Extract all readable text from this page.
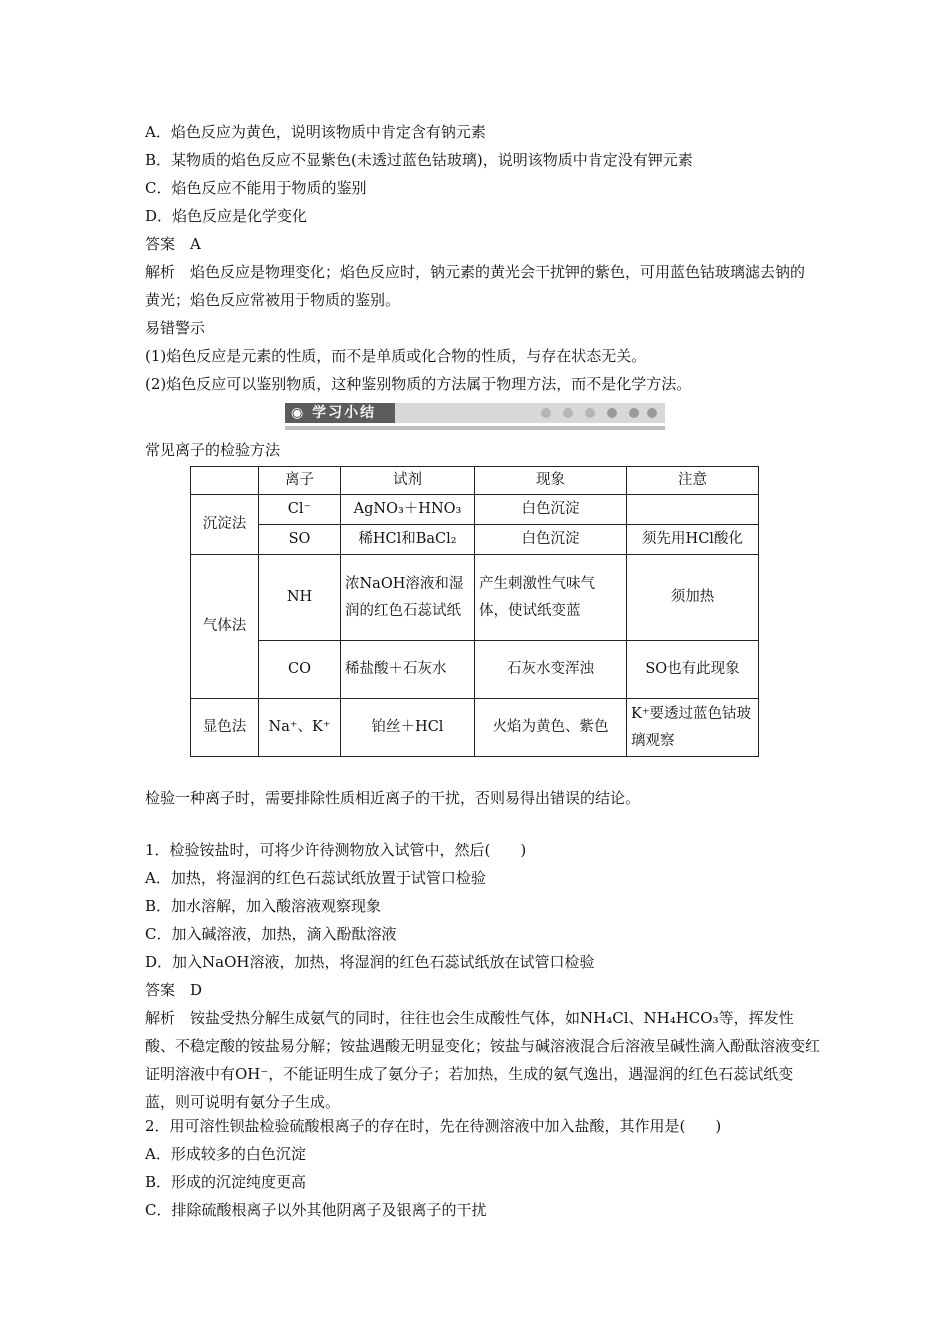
A．焰色反应为黄色，说明该物质中肯定含有钠元素
B．某物质的焰色反应不显紫色(未透过蓝色钴玻璃)，说明该物质中肯定没有钾元素
C．焰色反应不能用于物质的鉴别
D．焰色反应是化学变化
答案　A
解析　焰色反应是物理变化；焰色反应时，钠元素的黄光会干扰钾的紫色，可用蓝色钴玻璃滤去钠的黄光；焰色反应常被用于物质的鉴别。
易错警示
(1)焰色反应是元素的性质，而不是单质或化合物的性质，与存在状态无关。
(2)焰色反应可以鉴别物质，这种鉴别物质的方法属于物理方法，而不是化学方法。
◉ 学习小结
常见离子的检验方法
	离子	试剂	现象	注意
沉淀法	Cl⁻	AgNO₃＋HNO₃	白色沉淀	
	SO	稀HCl和BaCl₂	白色沉淀	须先用HCl酸化
气体法	NH	浓NaOH溶液和湿润的红色石蕊试纸	产生刺激性气味气体，使试纸变蓝	须加热
	CO	稀盐酸＋石灰水	石灰水变浑浊	SO也有此现象
显色法	Na⁺、K⁺	铂丝＋HCl	火焰为黄色、紫色	K⁺要透过蓝色钴玻璃观察
检验一种离子时，需要排除性质相近离子的干扰，否则易得出错误的结论。
1．检验铵盐时，可将少许待测物放入试管中，然后(　　)
A．加热，将湿润的红色石蕊试纸放置于试管口检验
B．加水溶解，加入酸溶液观察现象
C．加入碱溶液，加热，滴入酚酞溶液
D．加入NaOH溶液，加热，将湿润的红色石蕊试纸放在试管口检验
答案　D
解析　铵盐受热分解生成氨气的同时，往往也会生成酸性气体，如NH₄Cl、NH₄HCO₃等，挥发性酸、不稳定酸的铵盐易分解；铵盐遇酸无明显变化；铵盐与碱溶液混合后溶液呈碱性滴入酚酞溶液变红证明溶液中有OH⁻，不能证明生成了氨分子；若加热，生成的氨气逸出，遇湿润的红色石蕊试纸变蓝，则可说明有氨分子生成。
2．用可溶性钡盐检验硫酸根离子的存在时，先在待测溶液中加入盐酸，其作用是(　　)
A．形成较多的白色沉淀
B．形成的沉淀纯度更高
C．排除硫酸根离子以外其他阴离子及银离子的干扰
